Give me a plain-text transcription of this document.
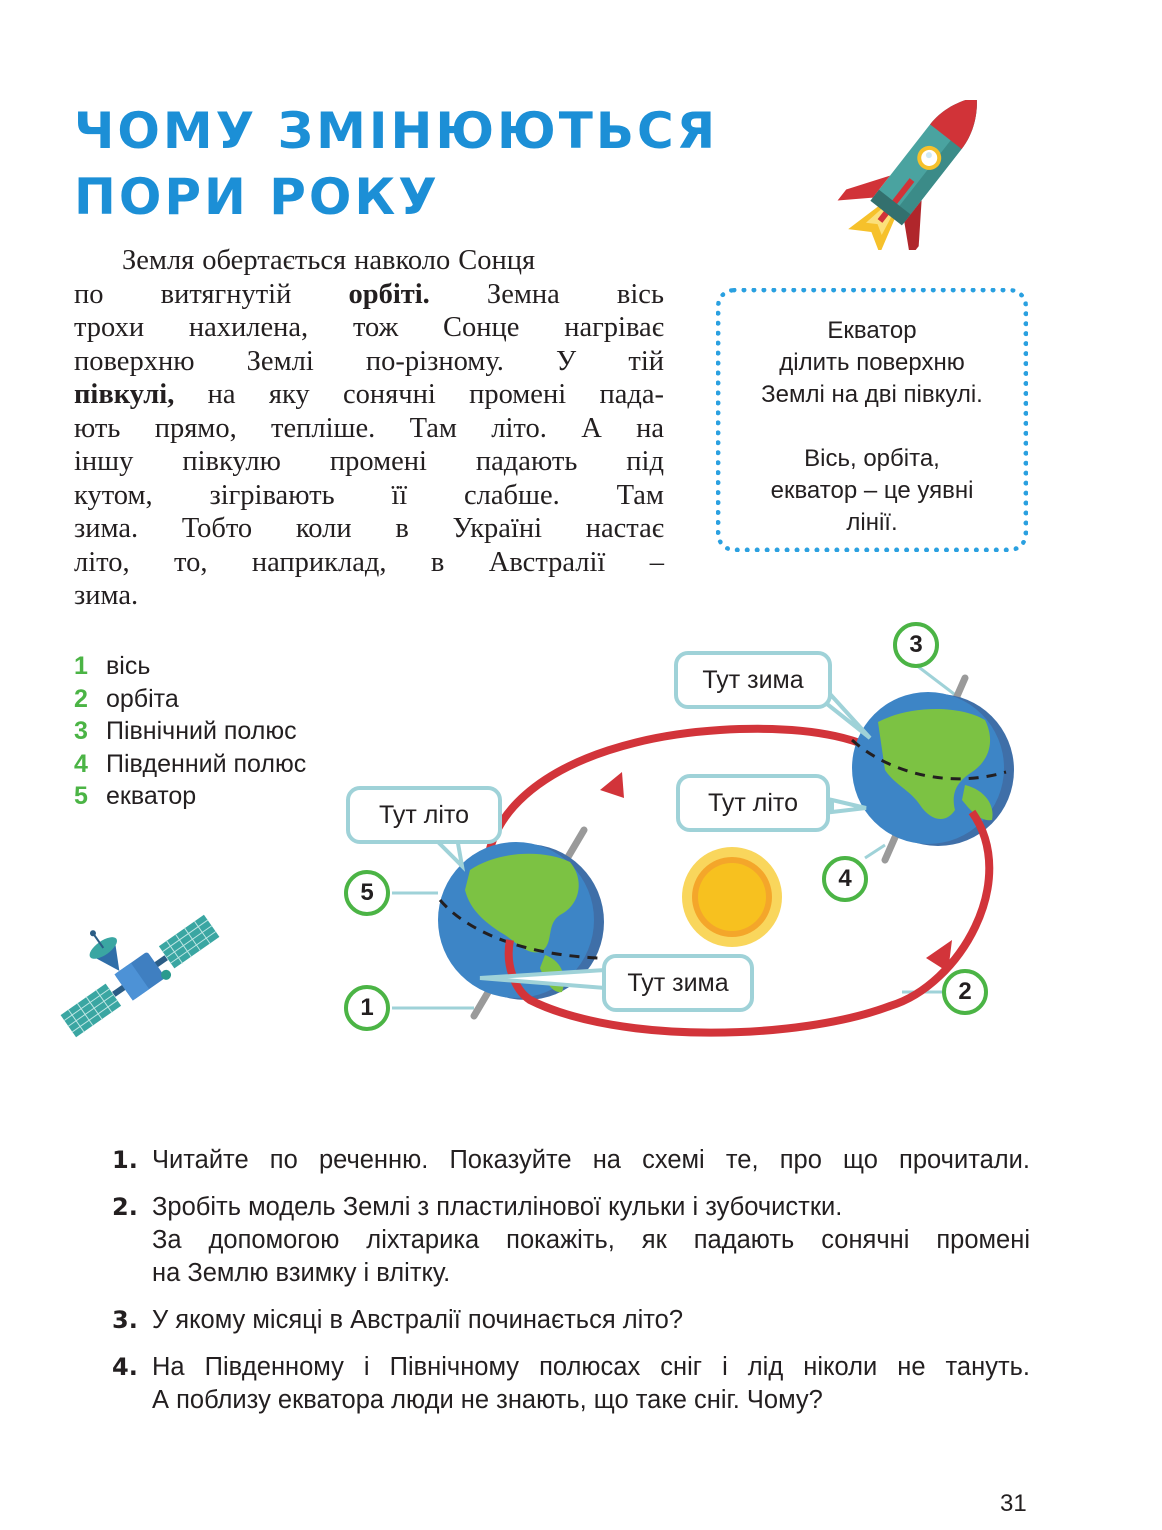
ЧОМУ ЗМІНЮЮТЬСЯ
ПОРИ РОКУ
Земля обертається навколо Сонця
по витягнутій орбіті. Земна вісь
трохи нахилена, тож Сонце нагріває
поверхню Землі по-різному. У тій
півкулі, на яку сонячні промені пада-
ють прямо, тепліше. Там літо. А на
іншу півкулю промені падають під
кутом, зігрівають її слабше. Там
зима. Тобто коли в Україні настає
літо, то, наприклад, в Австралії –
зима.
Екватор
ділить поверхню
Землі на дві півкулі.
Вісь, орбіта,
екватор – це уявні
лінії.
1 вісь
2 орбіта
3 Північний полюс
4 Південний полюс
5 екватор
Тут літо
Тут зима
Тут зима
Тут літо
5
1
3
4
2
1. Читайте по реченню. Показуйте на схемі те, про що прочитали.
2. Зробіть модель Землі з пластилінової кульки і зубочистки.
За допомогою ліхтарика покажіть, як падають сонячні промені
на Землю взимку і влітку.
3. У якому місяці в Австралії починається літо?
4. На Південному і Північному полюсах сніг і лід ніколи не тануть.
А поблизу екватора люди не знають, що таке сніг. Чому?
31
